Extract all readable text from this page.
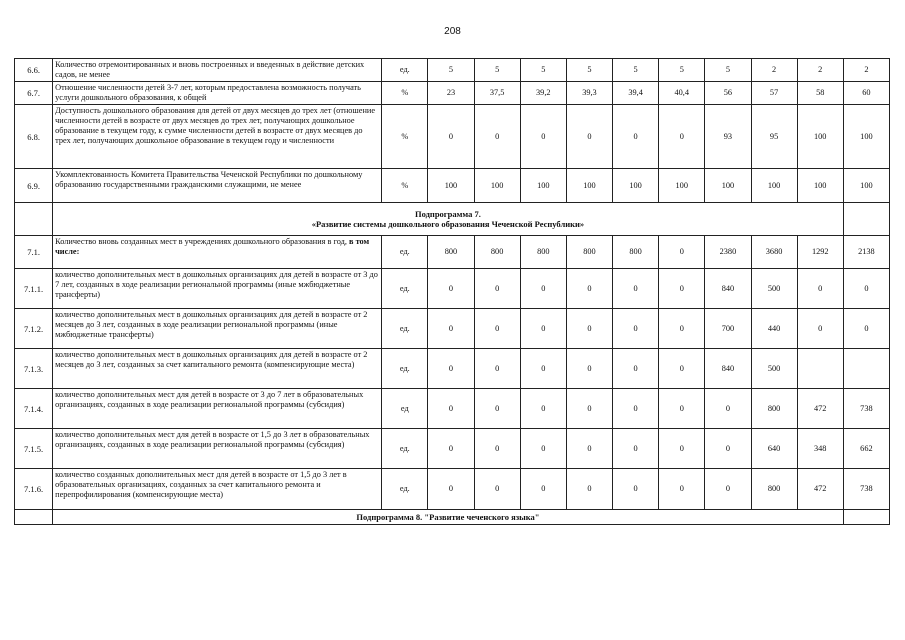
208
6.6.	Количество отремонтированных и вновь построенных и введенных в действие детских садов, не менее	ед.	5	5	5	5	5	5	5	2	2	2
6.7.	Отношение численности детей 3-7 лет, которым предоставлена возможность получать услуги дошкольного образования, к общей	%	23	37,5	39,2	39,3	39,4	40,4	56	57	58	60
6.8.	Доступность дошкольного образования для детей от двух месяцев до трех лет (отношение численности детей в возрасте от двух месяцев до трех лет, получающих дошкольное образование в текущем году, к сумме численности детей в возрасте от двух месяцев до трех лет, получающих дошкольное образование в текущем году и численности	%	0	0	0	0	0	0	93	95	100	100
6.9.	Укомплектованность Комитета Правительства Чеченской Республики по дошкольному образованию государственными гражданскими служащими, не менее	%	100	100	100	100	100	100	100	100	100	100

	Подпрограмма 7.
«Развитие системы дошкольного образования Чеченской Республики»											

7.1.	Количество вновь созданных мест в учреждениях дошкольного образования в год, в том числе:	ед.	800	800	800	800	800	0	2380	3680	1292	2138
7.1.1.	количество дополнительных мест в дошкольных организациях для детей в возрасте от 3 до 7 лет, созданных в ходе реализации региональной программы (иные мжбюджетные трансферты)	ед.	0	0	0	0	0	0	840	500	0	0
7.1.2.	количество дополнительных мест в дошкольных организациях для детей в возрасте от 2 месяцев до 3 лет, созданных в ходе реализации региональной программы (иные мжбюджетные трансферты)	ед.	0	0	0	0	0	0	700	440	0	0
7.1.3.	количество дополнительных мест в дошкольных организациях для детей в возрасте от 2 месяцев до 3 лет, созданных за счет капитального ремонта (компенсирующие места)	ед.	0	0	0	0	0	0	840	500		
7.1.4.	количество дополнительных мест для детей в возрасте от 3 до 7 лет в образовательных организациях, созданных в ходе реализации региональной программы (субсидия)	ед	0	0	0	0	0	0	0	800	472	738
7.1.5.	количество дополнительных мест для детей в возрасте от 1,5 до 3 лет в образовательных организациях, созданных в ходе реализации региональной программы (субсидия)	ед.	0	0	0	0	0	0	0	640	348	662
7.1.6.	количество созданных дополнительных мест для детей в возрасте от 1,5 до 3 лет в образовательных организациях, созданных за счет капитального ремонта и перепрофилирования (компенсирующие места)	ед.	0	0	0	0	0	0	0	800	472	738

	Подпрограмма 8. "Развитие чеченского языка"											
